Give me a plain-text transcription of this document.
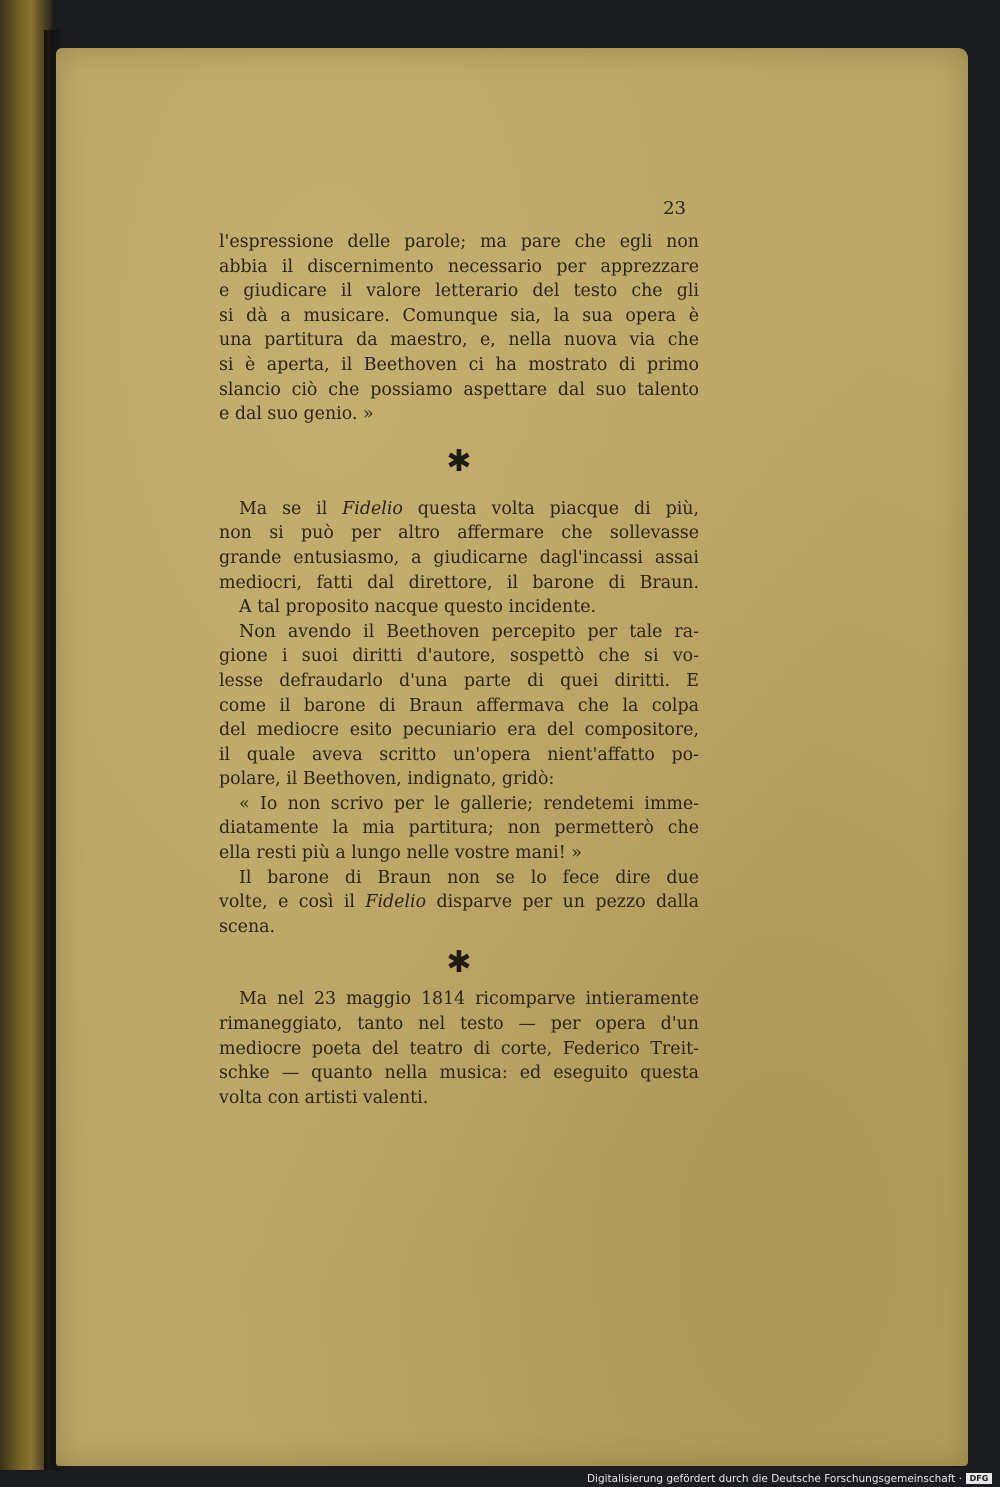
23
l'espressione delle parole; ma pare che egli non
abbia il discernimento necessario per apprezzare
e giudicare il valore letterario del testo che gli
si dà a musicare. Comunque sia, la sua opera è
una partitura da maestro, e, nella nuova via che
si è aperta, il Beethoven ci ha mostrato di primo
slancio ciò che possiamo aspettare dal suo talento
e dal suo genio. »
✱
Ma se il Fidelio questa volta piacque di più,
non si può per altro affermare che sollevasse
grande entusiasmo, a giudicarne dagl'incassi assai
mediocri, fatti dal direttore, il barone di Braun.
A tal proposito nacque questo incidente.
Non avendo il Beethoven percepito per tale ra-
gione i suoi diritti d'autore, sospettò che si vo-
lesse defraudarlo d'una parte di quei diritti. E
come il barone di Braun affermava che la colpa
del mediocre esito pecuniario era del compositore,
il quale aveva scritto un'opera nient'affatto po-
polare, il Beethoven, indignato, gridò:
« Io non scrivo per le gallerie; rendetemi imme-
diatamente la mia partitura; non permetterò che
ella resti più a lungo nelle vostre mani! »
Il barone di Braun non se lo fece dire due
volte, e così il Fidelio disparve per un pezzo dalla
scena.
✱
Ma nel 23 maggio 1814 ricomparve intieramente
rimaneggiato, tanto nel testo — per opera d'un
mediocre poeta del teatro di corte, Federico Treit-
schke — quanto nella musica: ed eseguito questa
volta con artisti valenti.
Digitalisierung gefördert durch die Deutsche Forschungsgemeinschaft · DFG
